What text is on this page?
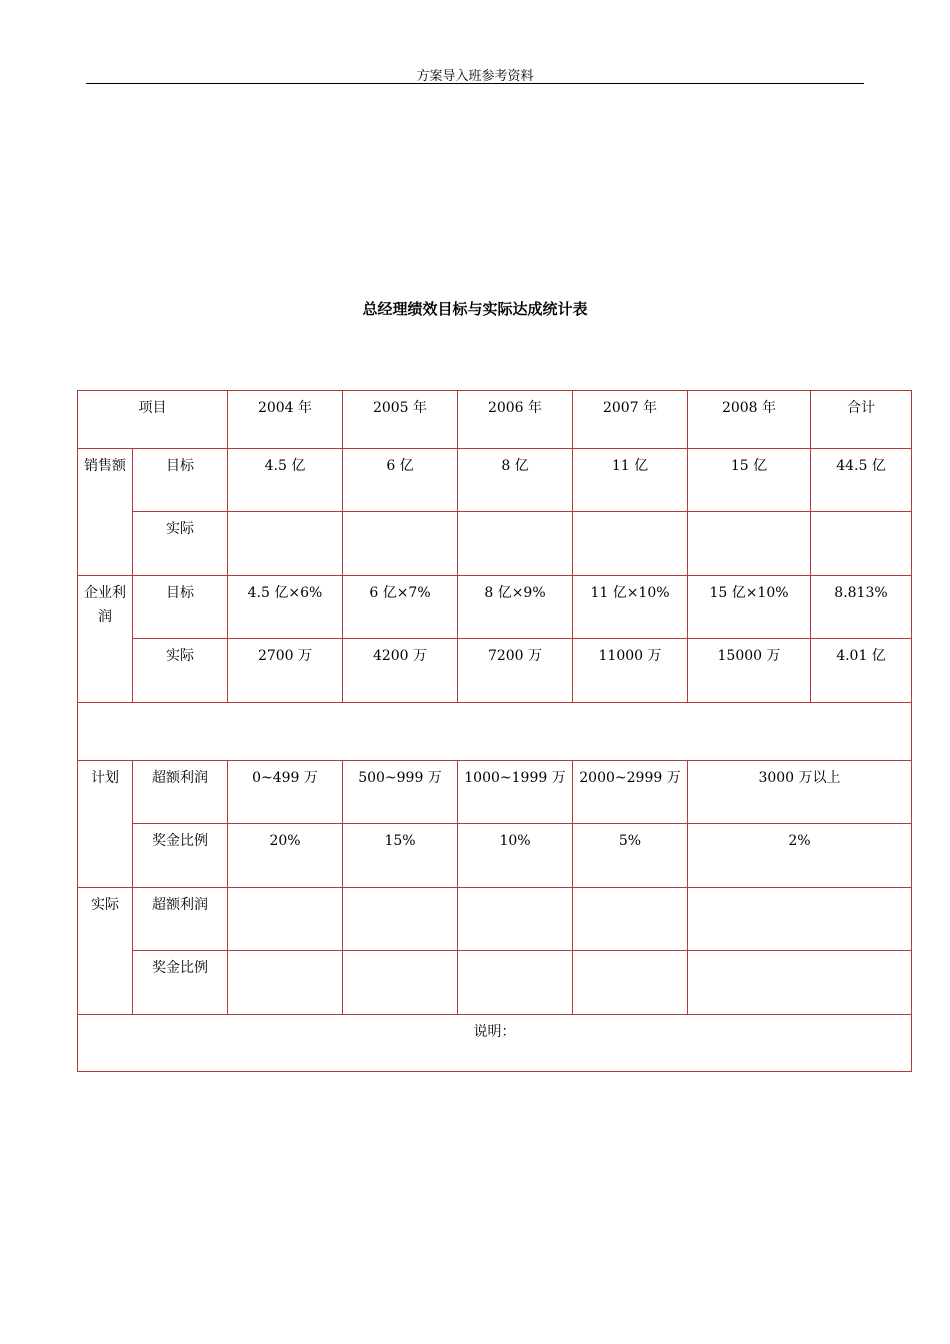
方案导入班参考资料
总经理绩效目标与实际达成统计表
项目		2004 年	2005 年	2006 年	2007 年	2008 年	合计
销售额	目标	4.5 亿	6 亿	8 亿	11 亿	15 亿	44.5 亿
	实际						
企业利润	目标	4.5 亿×6%	6 亿×7%	8 亿×9%	11 亿×10%	15 亿×10%	8.813%
	实际	2700 万	4200 万	7200 万	11000 万	15000 万	4.01 亿

计划	超额利润	0~499 万	500~999 万	1000~1999 万	2000~2999 万	3000 万以上	
	奖金比例	20%	15%	10%	5%	2%	
实际	超额利润						
	奖金比例						
说明：							
